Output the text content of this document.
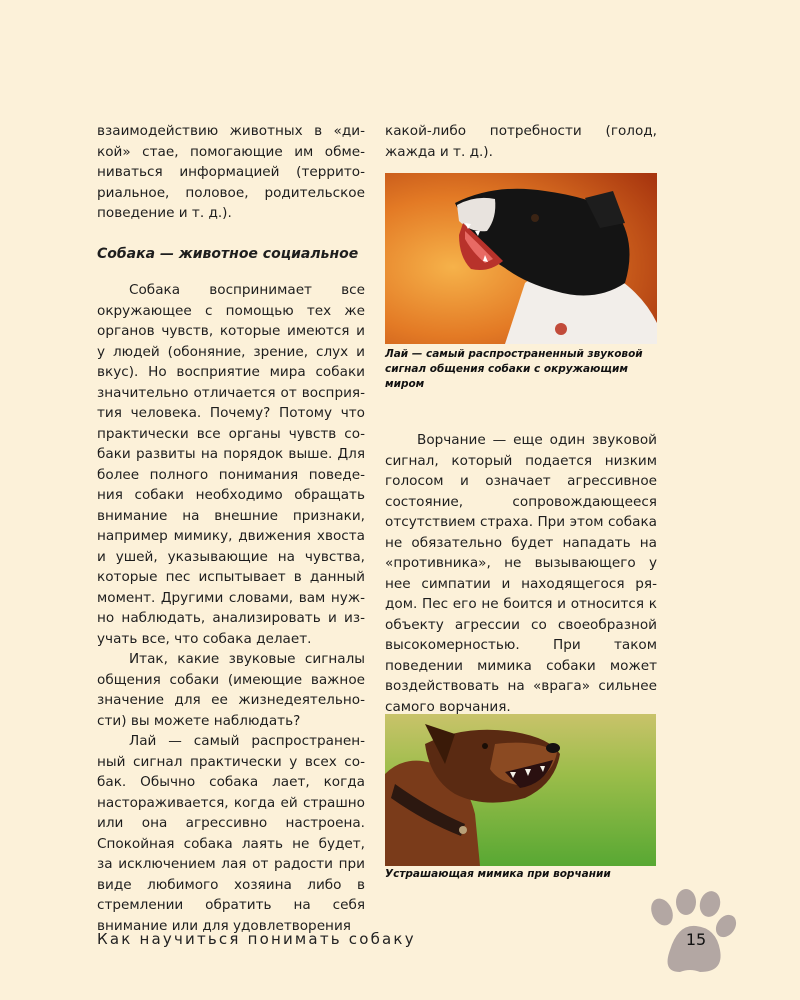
взаимодействию животных в «дикой» стае, помогающие им обмениваться информацией (территориальное, половое, родительское поведение и т. д.).

Собака — животное социальное

Собака воспринимает все окружающее с помощью тех же органов чувств, которые имеются и у людей (обоняние, зрение, слух и вкус). Но восприятие мира собаки значительно отличается от восприятия человека. Почему? Потому что практически все органы чувств собаки развиты на порядок выше. Для более полного понимания поведения собаки необходимо обращать внимание на внешние признаки, например мимику, движения хвоста и ушей, указывающие на чувства, которые пес испытывает в данный момент. Другими словами, вам нужно наблюдать, анализировать и изучать все, что собака делает.

Итак, какие звуковые сигналы общения собаки (имеющие важное значение для ее жизнедеятельности) вы можете наблюдать?

Лай — самый распространенный сигнал практически у всех собак. Обычно собака лает, когда настораживается, когда ей страшно или она агрессивно настроена. Спокойная собака лаять не будет, за исключением лая от радости при виде любимого хозяина либо в стремлении обратить на себя внимание или для удовлетворения

какой-либо потребности (голод, жажда и т. д.).

Лай — самый распространенный звуковой сигнал общения собаки с окружающим миром

Ворчание — еще один звуковой сигнал, который подается низким голосом и означает агрессивное состояние, сопровождающееся отсутствием страха. При этом собака не обязательно будет нападать на «противника», не вызывающего у нее симпатии и находящегося рядом. Пес его не боится и относится к объекту агрессии со своеобразной высокомерностью. При таком поведении мимика собаки может воздействовать на «врага» сильнее самого ворчания.

Устрашающая мимика при ворчании
Как научиться понимать собаку	15
